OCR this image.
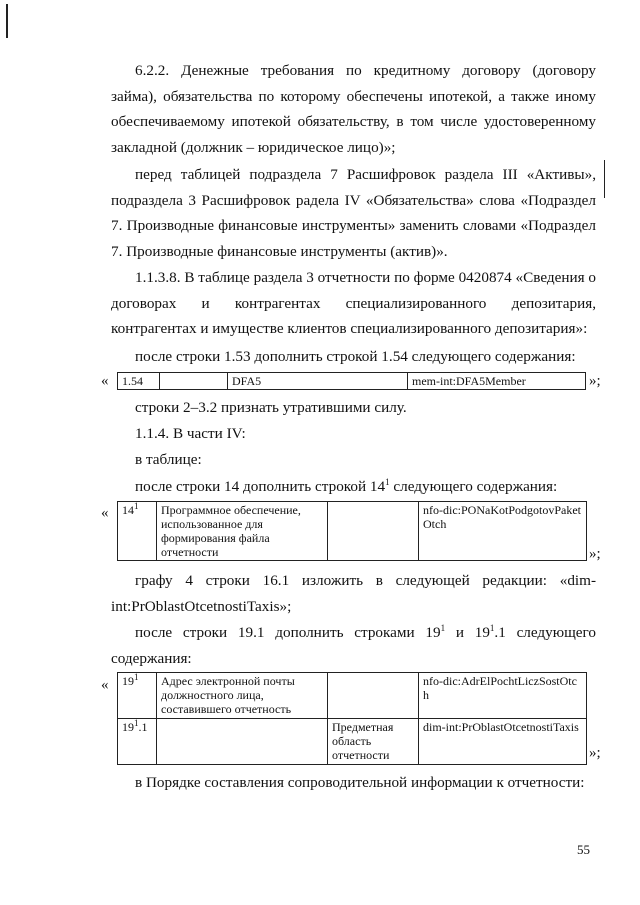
6.2.2. Денежные требования по кредитному договору (договору займа), обязательства по которому обеспечены ипотекой, а также иному обеспечиваемому ипотекой обязательству, в том числе удостоверенному закладной (должник – юридическое лицо)»;

перед таблицей подраздела 7 Расшифровок раздела III «Активы», подраздела 3 Расшифровок радела IV «Обязательства» слова «Подраздел 7. Производные финансовые инструменты» заменить словами «Подраздел 7. Производные финансовые инструменты (актив)».

1.1.3.8. В таблице раздела 3 отчетности по форме 0420874 «Сведения о договорах и контрагентах специализированного депозитария, контрагентах и имуществе клиентов специализированного депозитария»:

после строки 1.53 дополнить строкой 1.54 следующего содержания:

« 1.54		DFA5	mem-int:DFA5Member	»;

строки 2–3.2 признать утратившими силу.

1.1.4. В части IV:

в таблице:

после строки 14 дополнить строкой $14^1$ следующего содержания:

« $14^1$	Программное обеспечение, использованное для формирования файла отчетности		nfo-dic:PONaKotPodgotovPaketOtch
»;

графу 4 строки 16.1 изложить в следующей редакции: «dim-int:PrOblastOtcetnostiTaxis»;

после строки 19.1 дополнить строками $19^1$ и $19^1.1$ следующего содержания:

« $19^1$	Адрес электронной почты должностного лица, составившего отчетность		nfo-dic:AdrElPochtLiczSostOtch
$19^1.1$		Предметная область отчетности	dim-int:PrOblastOtcetnostiTaxis
»;

в Порядке составления сопроводительной информации к отчетности:

55
